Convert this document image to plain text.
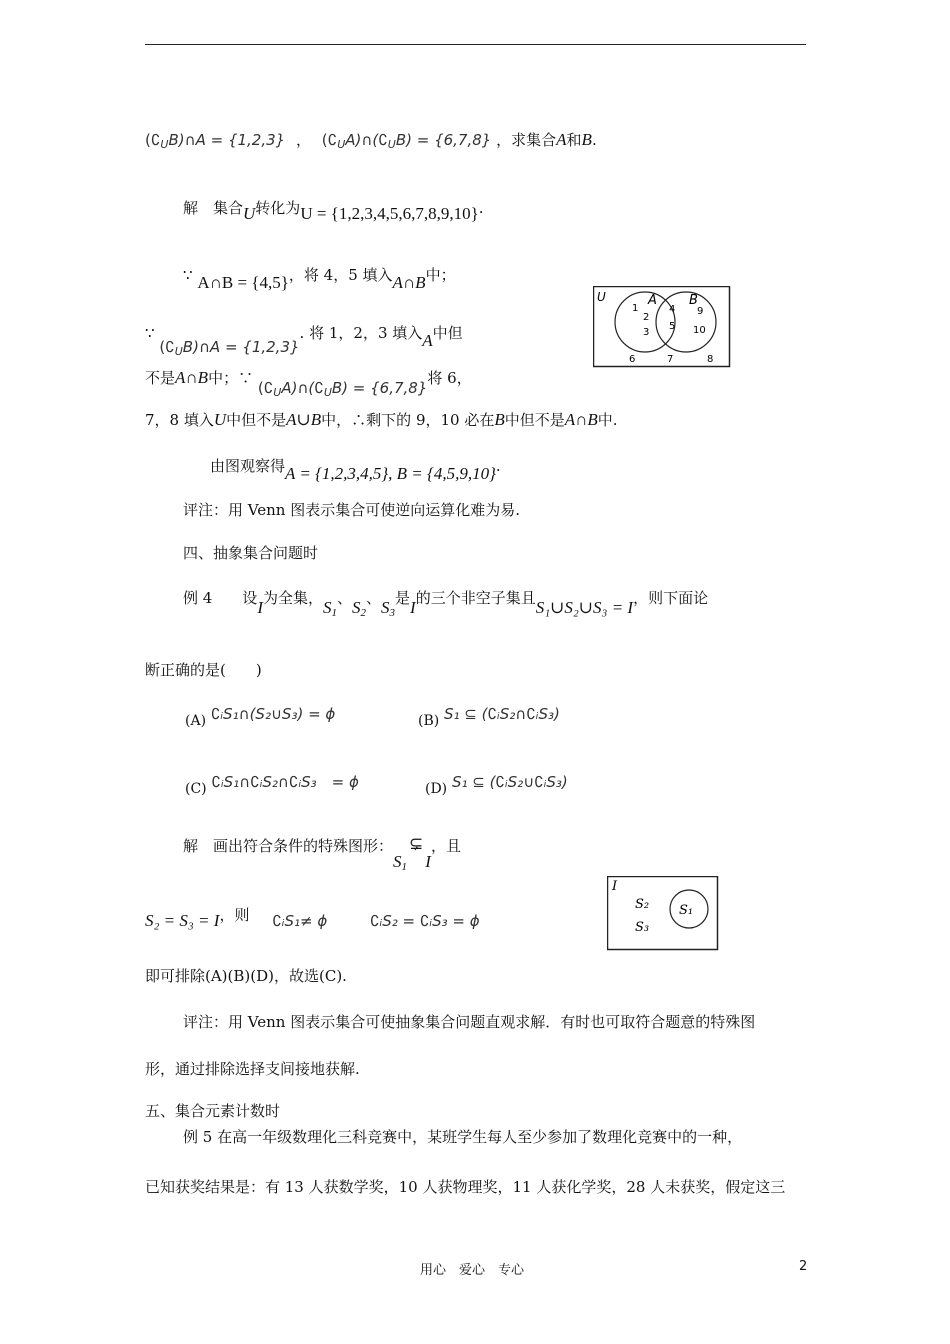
$(∁_UB)\cap A = \{1,2,3\}$ ， $(∁_UA)\cap(∁_UB) = \{6,7,8\}$ ，求集合A和B.
解　集合U转化为U = {1,2,3,4,5,6,7,8,9,10}.
∵ A∩B = {4,5}，将 4，5 填入A∩B中；
∵ $(∁_UB)\cap A = \{1,2,3\}$. 将 1，2，3 填入A中但
不是A∩B中；∵ $(∁_UA)\cap(∁_UB) = \{6,7,8\}$将 6，
7，8 填入U中但不是A∪B中，∴剩下的 9，10 必在B中但不是A∩B中.
由图观察得A = {1,2,3,4,5}, B = {4,5,9,10}.
评注：用 Venn 图表示集合可使逆向运算化难为易.
四、抽象集合问题时
例 4　　设I为全集，$S_1$、$S_2$、$S_3$是I的三个非空子集且S₁∪S₂∪S₃ = I，则下面论
断正确的是(　　)
(A) ∁ᵢS₁∩(S₂∪S₃) = ϕ	(B) S₁ ⊆ (∁ᵢS₂∩∁ᵢS₃)
(C) ∁ᵢS₁∩∁ᵢS₂∩∁ᵢS₃　= ϕ	(D) S₁ ⊆ (∁ᵢS₂∪∁ᵢS₃)
解　画出符合条件的特殊图形：$S_1⊊I$，且
S₂ = S₃ = I，则 ∁ᵢS₁≠ ϕ	∁ᵢS₂ = ∁ᵢS₃ = ϕ
即可排除(A)(B)(D)，故选(C).
评注：用 Venn 图表示集合可使抽象集合问题直观求解．有时也可取符合题意的特殊图
形，通过排除选择支间接地获解.
五、集合元素计数时
例 5 在高一年级数理化三科竞赛中，某班学生每人至少参加了数理化竞赛中的一种，
已知获奖结果是：有 13 人获数学奖，10 人获物理奖，11 人获化学奖，28 人未获奖，假定这三
U	A B
1
2
3
4
5
9
10
6	7	8
I
S₂
S₃
S₁
用心　爱心　专心	2
